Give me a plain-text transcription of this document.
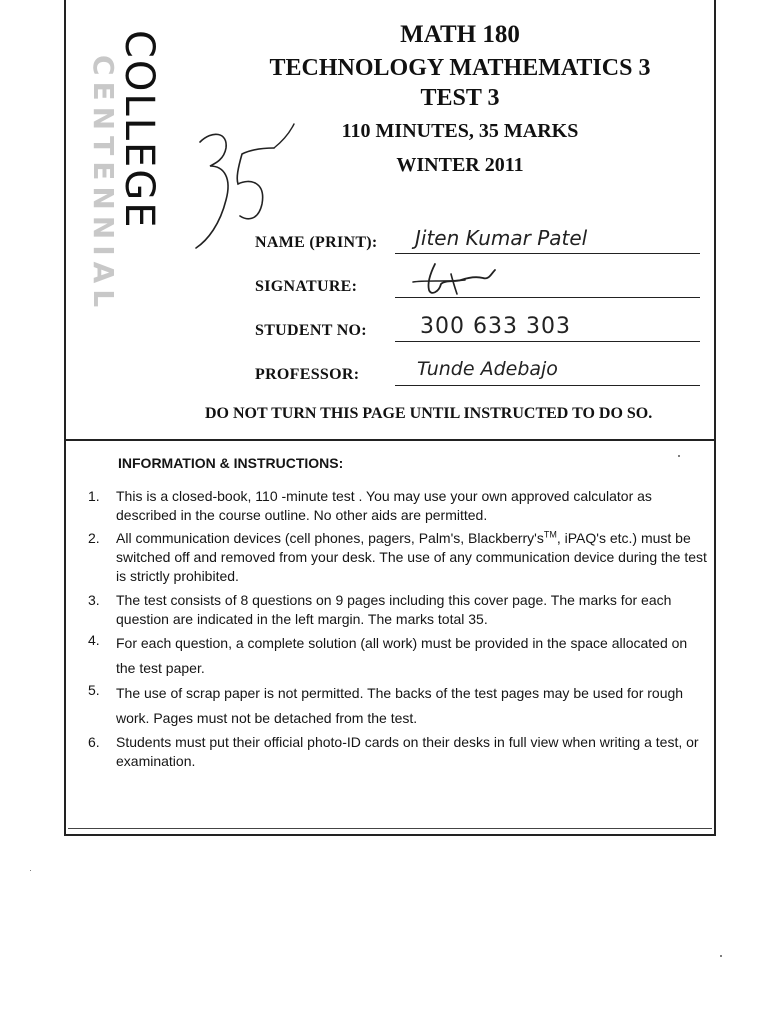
CENTENNIAL
COLLEGE	MATH 180
TECHNOLOGY MATHEMATICS 3
TEST 3
110 MINUTES, 35 MARKS
WINTER 2011
NAME (PRINT): Jiten Kumar Patel
SIGNATURE:
STUDENT NO: 300 633 303
PROFESSOR:	Tunde Adebajo
DO NOT TURN THIS PAGE UNTIL INSTRUCTED TO DO SO.
INFORMATION & INSTRUCTIONS:
1.	This is a closed-book, 110 -minute test . You may use your own approved calculator as described in the course outline. No other aids are permitted.
2.	All communication devices (cell phones, pagers, Palm's, Blackberry's™, iPAQ's etc.) must be switched off and removed from your desk. The use of any communication device during the test is strictly prohibited.
3.	The test consists of 8 questions on 9 pages including this cover page. The marks for each question are indicated in the left margin. The marks total 35.
4.	For each question, a complete solution (all work) must be provided in the space allocated on the test paper.
5.	The use of scrap paper is not permitted. The backs of the test pages may be used for rough work. Pages must not be detached from the test.
6.	Students must put their official photo-ID cards on their desks in full view when writing a test, or examination.
